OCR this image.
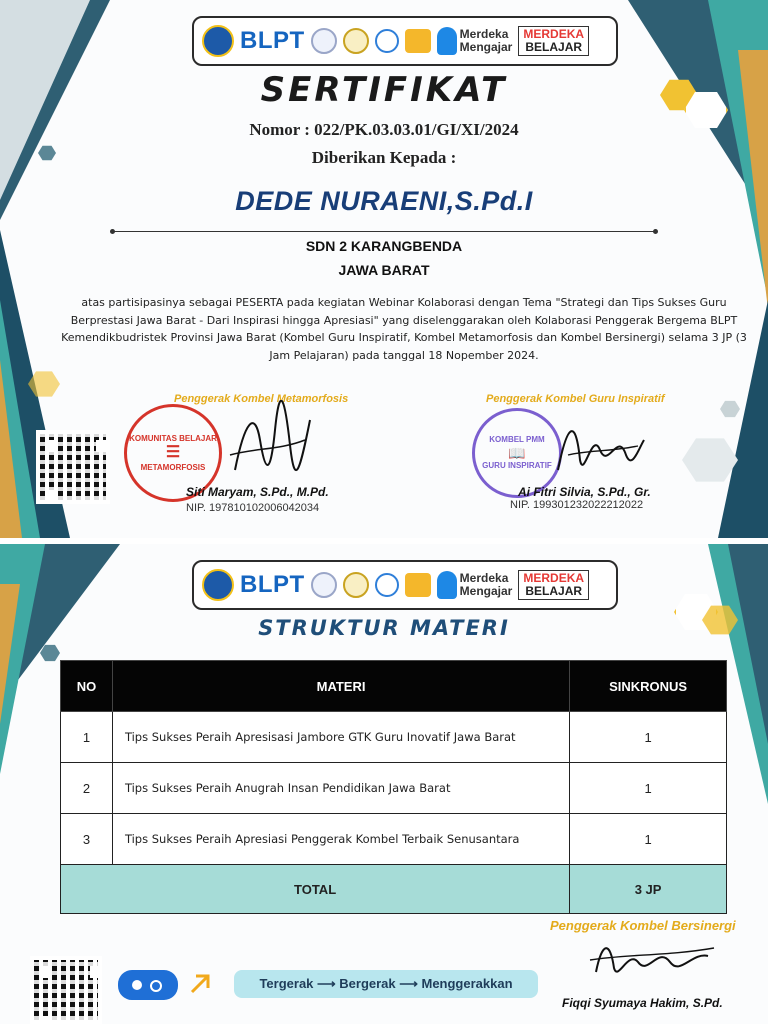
BLPT	Merdeka
Mengajar
MERDEKA
BELAJAR
SERTIFIKAT
Nomor : 022/PK.03.03.01/GI/XI/2024
Diberikan Kepada :
DEDE NURAENI,S.Pd.I
SDN 2 KARANGBENDA
JAWA BARAT
atas partisipasinya sebagai PESERTA pada kegiatan Webinar Kolaborasi dengan Tema "Strategi dan Tips Sukses Guru Berprestasi Jawa Barat - Dari Inspirasi hingga Apresiasi" yang diselenggarakan oleh Kolaborasi Penggerak Bergema BLPT Kemendikbudristek Provinsi Jawa Barat (Kombel Guru Inspiratif, Kombel Metamorfosis dan Kombel Bersinergi) selama 3 JP (3 Jam Pelajaran) pada tanggal 18 Nopember 2024.
Penggerak Kombel Metamorfosis
KOMUNITAS BELAJAR
☰
METAMORFOSIS
Siti Maryam, S.Pd., M.Pd.
NIP. 197810102006042034
Penggerak Kombel Guru Inspiratif
KOMBEL PMM
📖
GURU INSPIRATIF
Ai Fitri Silvia, S.Pd., Gr.
NIP. 199301232022212022
BLPT	Merdeka
Mengajar
MERDEKA
BELAJAR
STRUKTUR MATERI
NO	MATERI	SINKRONUS
1	Tips Sukses Peraih Apresisasi Jambore GTK Guru Inovatif Jawa Barat	1
2	Tips Sukses Peraih Anugrah Insan Pendidikan Jawa Barat	1
3	Tips Sukses Peraih Apresiasi Penggerak Kombel Terbaik Senusantara	1
TOTAL		3 JP
Penggerak Kombel Bersinergi
Fiqqi Syumaya Hakim, S.Pd.
Tergerak ⟶ Bergerak ⟶ Menggerakkan
